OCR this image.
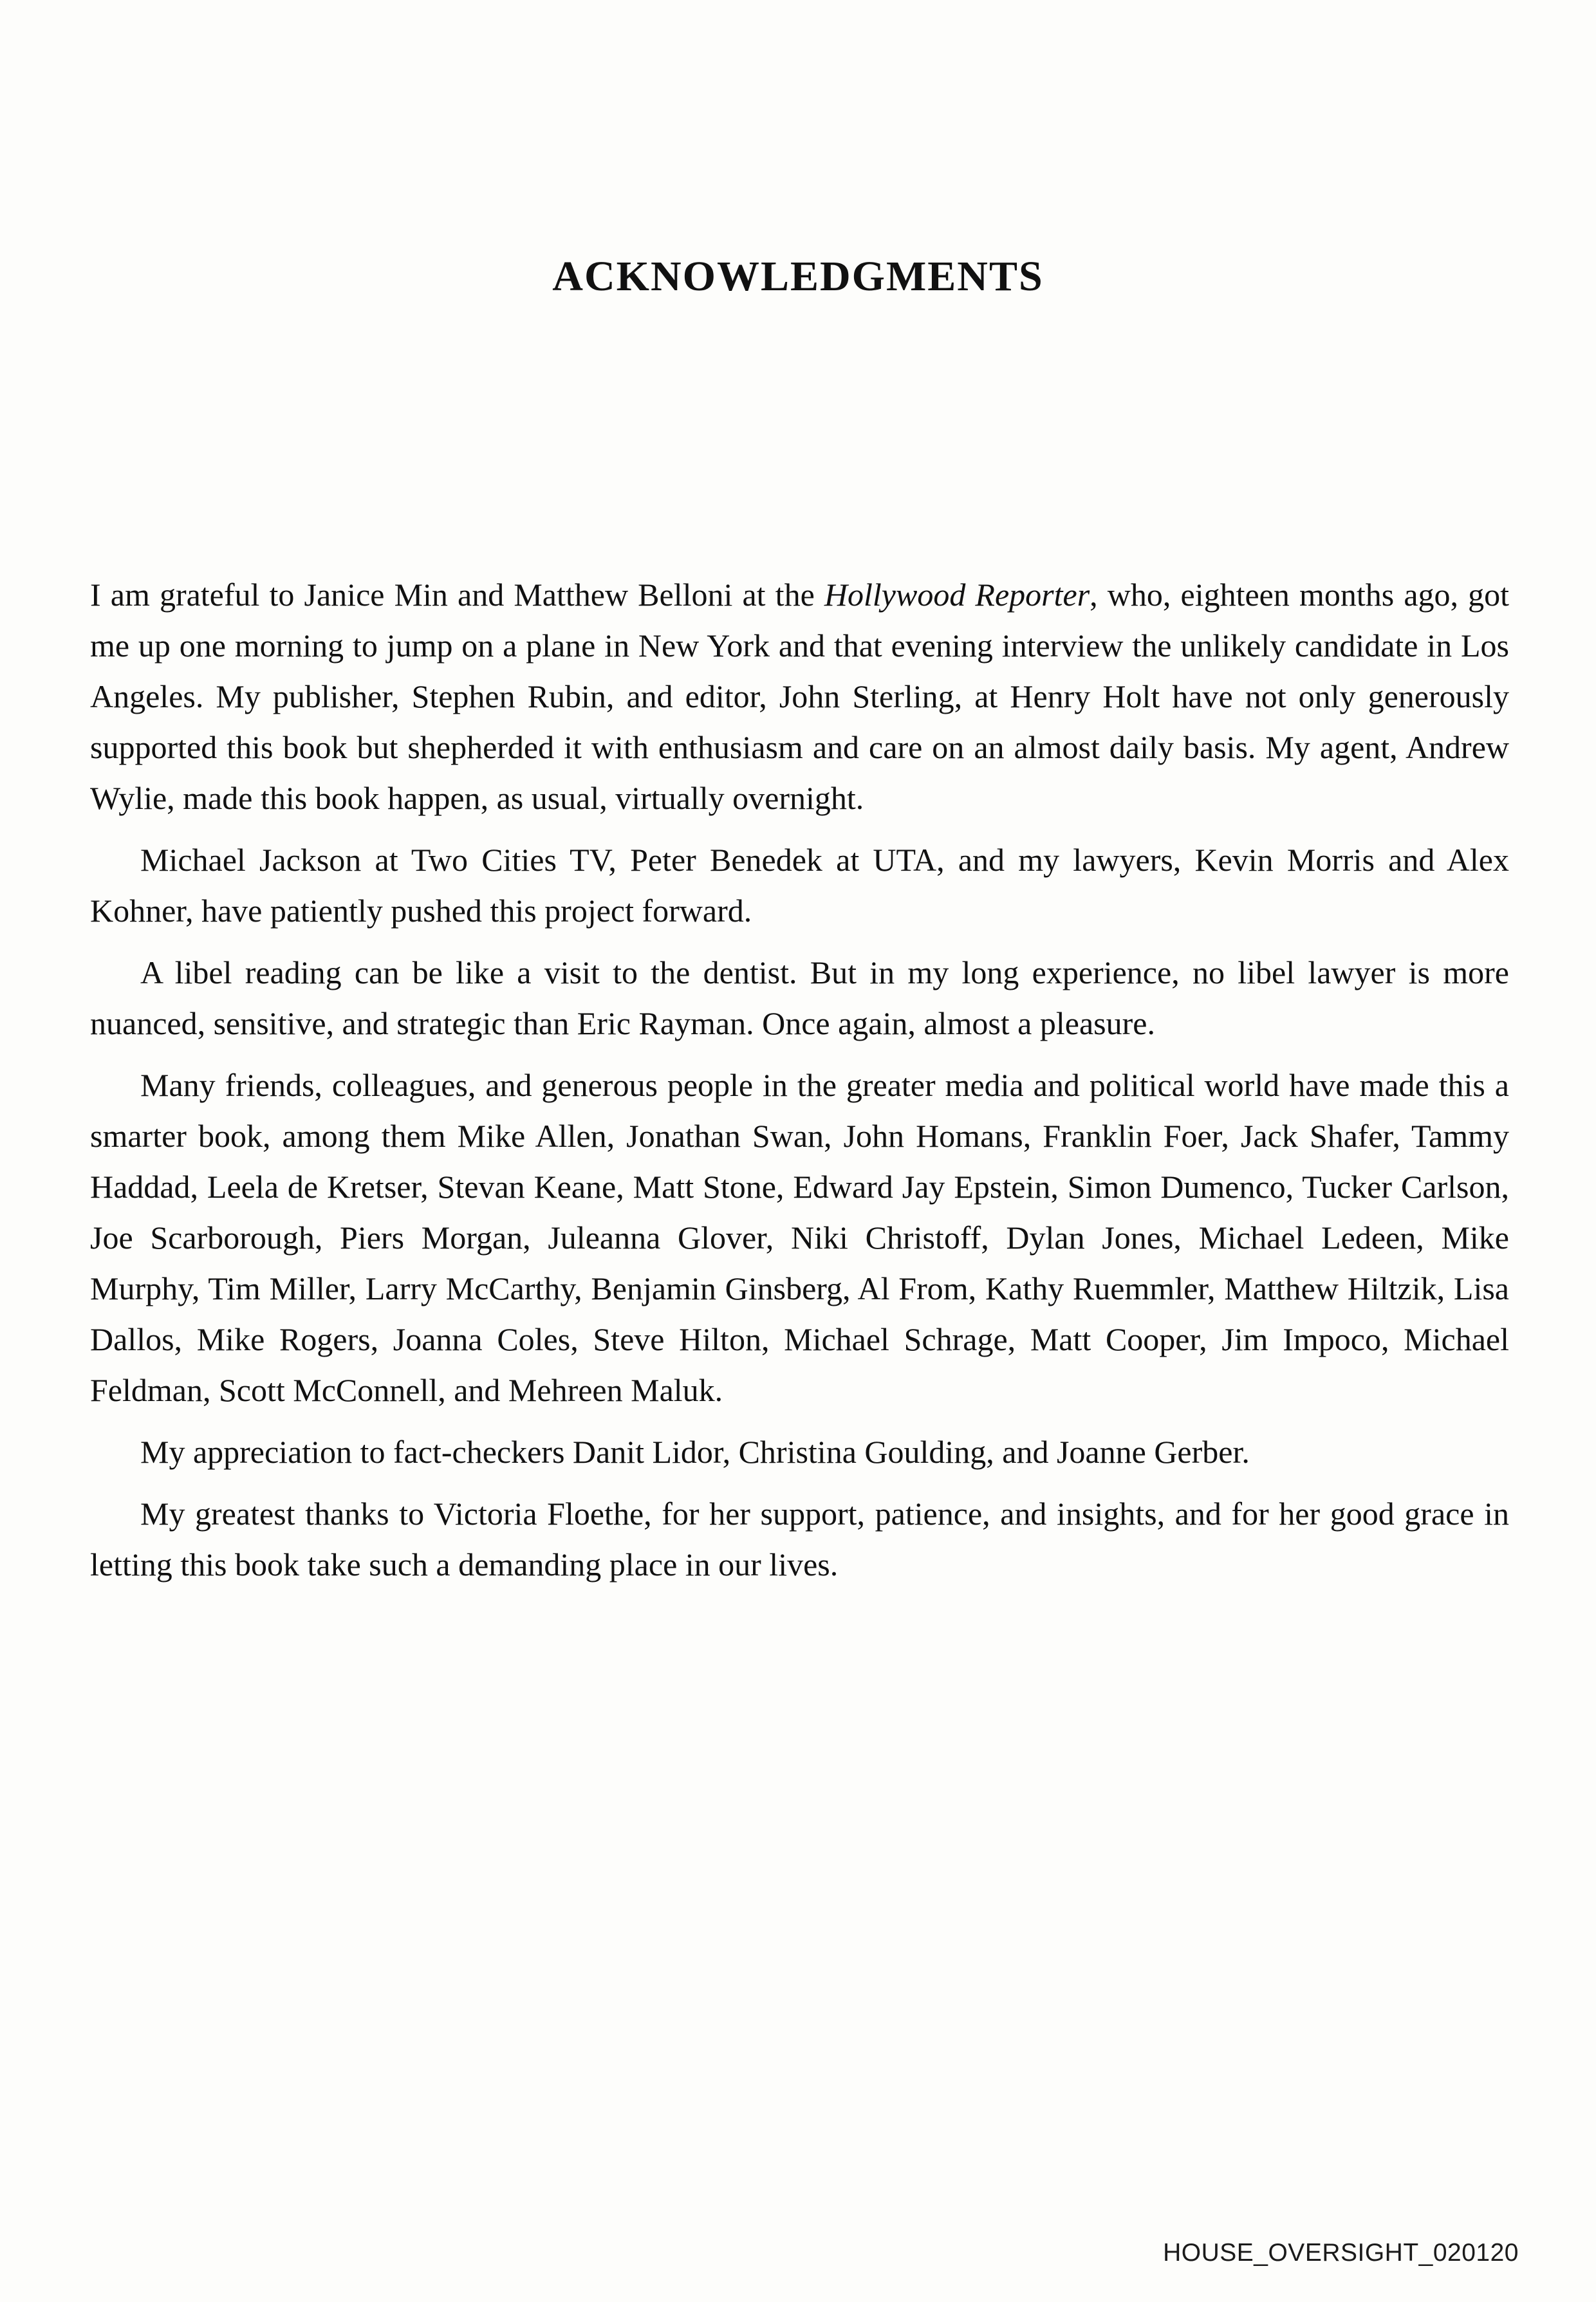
ACKNOWLEDGMENTS

I am grateful to Janice Min and Matthew Belloni at the Hollywood Reporter, who, eighteen months ago, got me up one morning to jump on a plane in New York and that evening interview the unlikely candidate in Los Angeles. My publisher, Stephen Rubin, and editor, John Sterling, at Henry Holt have not only generously supported this book but shepherded it with enthusiasm and care on an almost daily basis. My agent, Andrew Wylie, made this book happen, as usual, virtually overnight.

Michael Jackson at Two Cities TV, Peter Benedek at UTA, and my lawyers, Kevin Morris and Alex Kohner, have patiently pushed this project forward.

A libel reading can be like a visit to the dentist. But in my long experience, no libel lawyer is more nuanced, sensitive, and strategic than Eric Rayman. Once again, almost a pleasure.

Many friends, colleagues, and generous people in the greater media and political world have made this a smarter book, among them Mike Allen, Jonathan Swan, John Homans, Franklin Foer, Jack Shafer, Tammy Haddad, Leela de Kretser, Stevan Keane, Matt Stone, Edward Jay Epstein, Simon Dumenco, Tucker Carlson, Joe Scarborough, Piers Morgan, Juleanna Glover, Niki Christoff, Dylan Jones, Michael Ledeen, Mike Murphy, Tim Miller, Larry McCarthy, Benjamin Ginsberg, Al From, Kathy Ruemmler, Matthew Hiltzik, Lisa Dallos, Mike Rogers, Joanna Coles, Steve Hilton, Michael Schrage, Matt Cooper, Jim Impoco, Michael Feldman, Scott McConnell, and Mehreen Maluk.

My appreciation to fact-checkers Danit Lidor, Christina Goulding, and Joanne Gerber.

My greatest thanks to Victoria Floethe, for her support, patience, and insights, and for her good grace in letting this book take such a demanding place in our lives.

HOUSE_OVERSIGHT_020120
